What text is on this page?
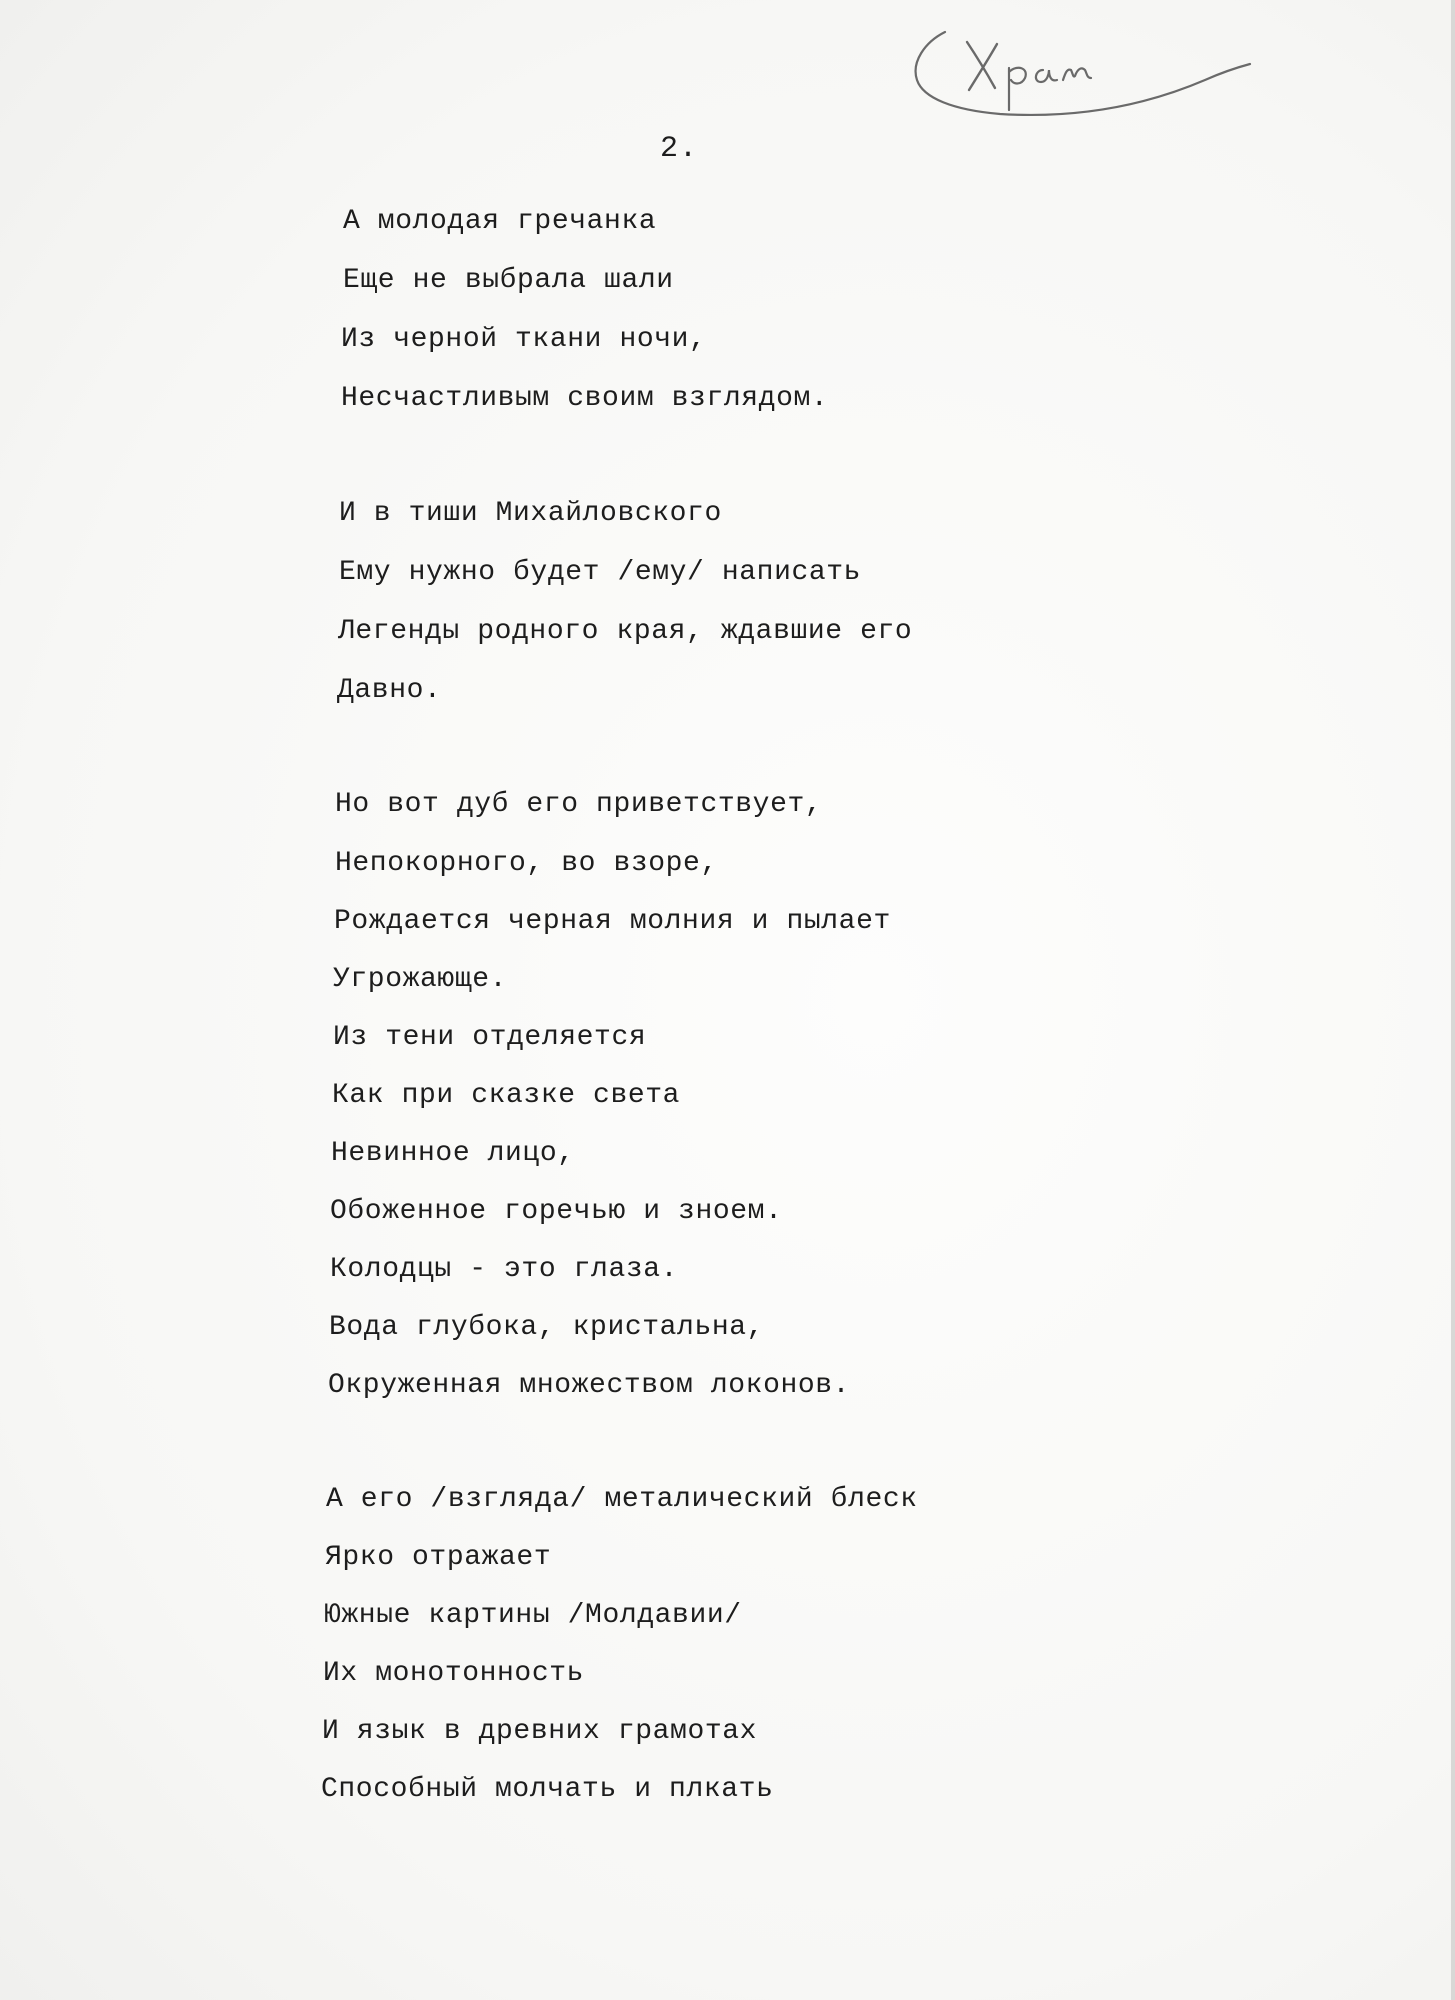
2.
А молодая гречанка
Еще не выбрала шали
Из черной ткани ночи,
Несчастливым своим взглядом.
И в тиши Михайловского
Ему нужно будет /ему/ написать
Легенды родного края, ждавшие его
Давно.
Но вот дуб его приветствует,
Непокорного, во взоре,
Рождается черная молния и пылает
Угрожающе.
Из тени отделяется
Как при сказке света
Невинное лицо,
Обоженное горечью и зноем.
Колодцы - это глаза.
Вода глубока, кристальна,
Окруженная множеством локонов.
А его /взгляда/ металический блеск
Ярко отражает
Южные картины /Молдавии/
Их монотонность
И язык в древних грамотах
Способный молчать и плкать
